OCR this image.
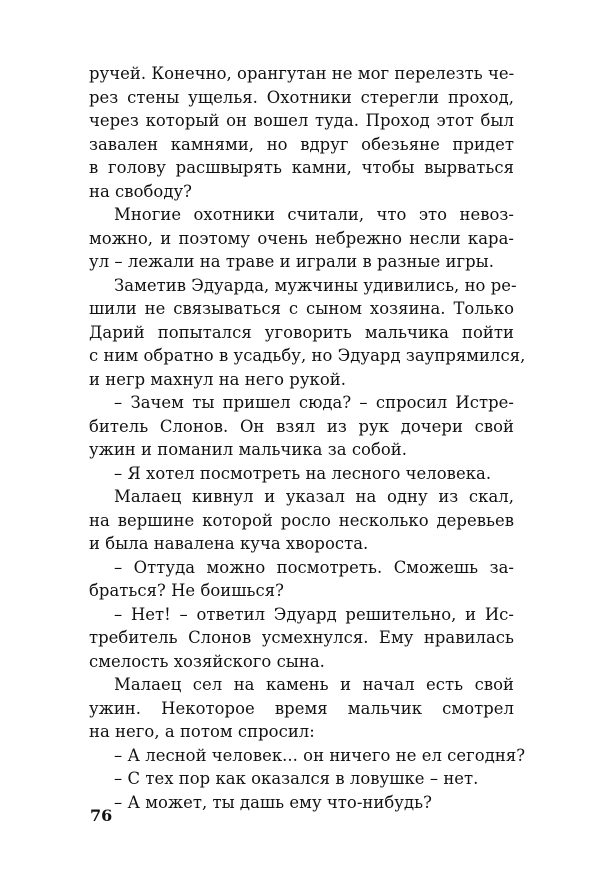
ручей. Конечно, орангутан не мог перелезть че-
рез стены ущелья. Охотники стерегли проход,
через который он вошел туда. Проход этот был
завален камнями, но вдруг обезьяне придет
в голову расшвырять камни, чтобы вырваться
на свободу?
Многие охотники считали, что это невоз-
можно, и поэтому очень небрежно несли кара-
ул – лежали на траве и играли в разные игры.
Заметив Эдуарда, мужчины удивились, но ре-
шили не связываться с сыном хозяина. Только
Дарий попытался уговорить мальчика пойти
с ним обратно в усадьбу, но Эдуард заупрямился,
и негр махнул на него рукой.
– Зачем ты пришел сюда? – спросил Истре-
битель Слонов. Он взял из рук дочери свой
ужин и поманил мальчика за собой.
– Я хотел посмотреть на лесного человека.
Малаец кивнул и указал на одну из скал,
на вершине которой росло несколько деревьев
и была навалена куча хвороста.
– Оттуда можно посмотреть. Сможешь за-
браться? Не боишься?
– Нет! – ответил Эдуард решительно, и Ис-
требитель Слонов усмехнулся. Ему нравилась
смелость хозяйского сына.
Малаец сел на камень и начал есть свой
ужин. Некоторое время мальчик смотрел
на него, а потом спросил:
– А лесной человек... он ничего не ел сегодня?
– С тех пор как оказался в ловушке – нет.
– А может, ты дашь ему что-нибудь?
76
